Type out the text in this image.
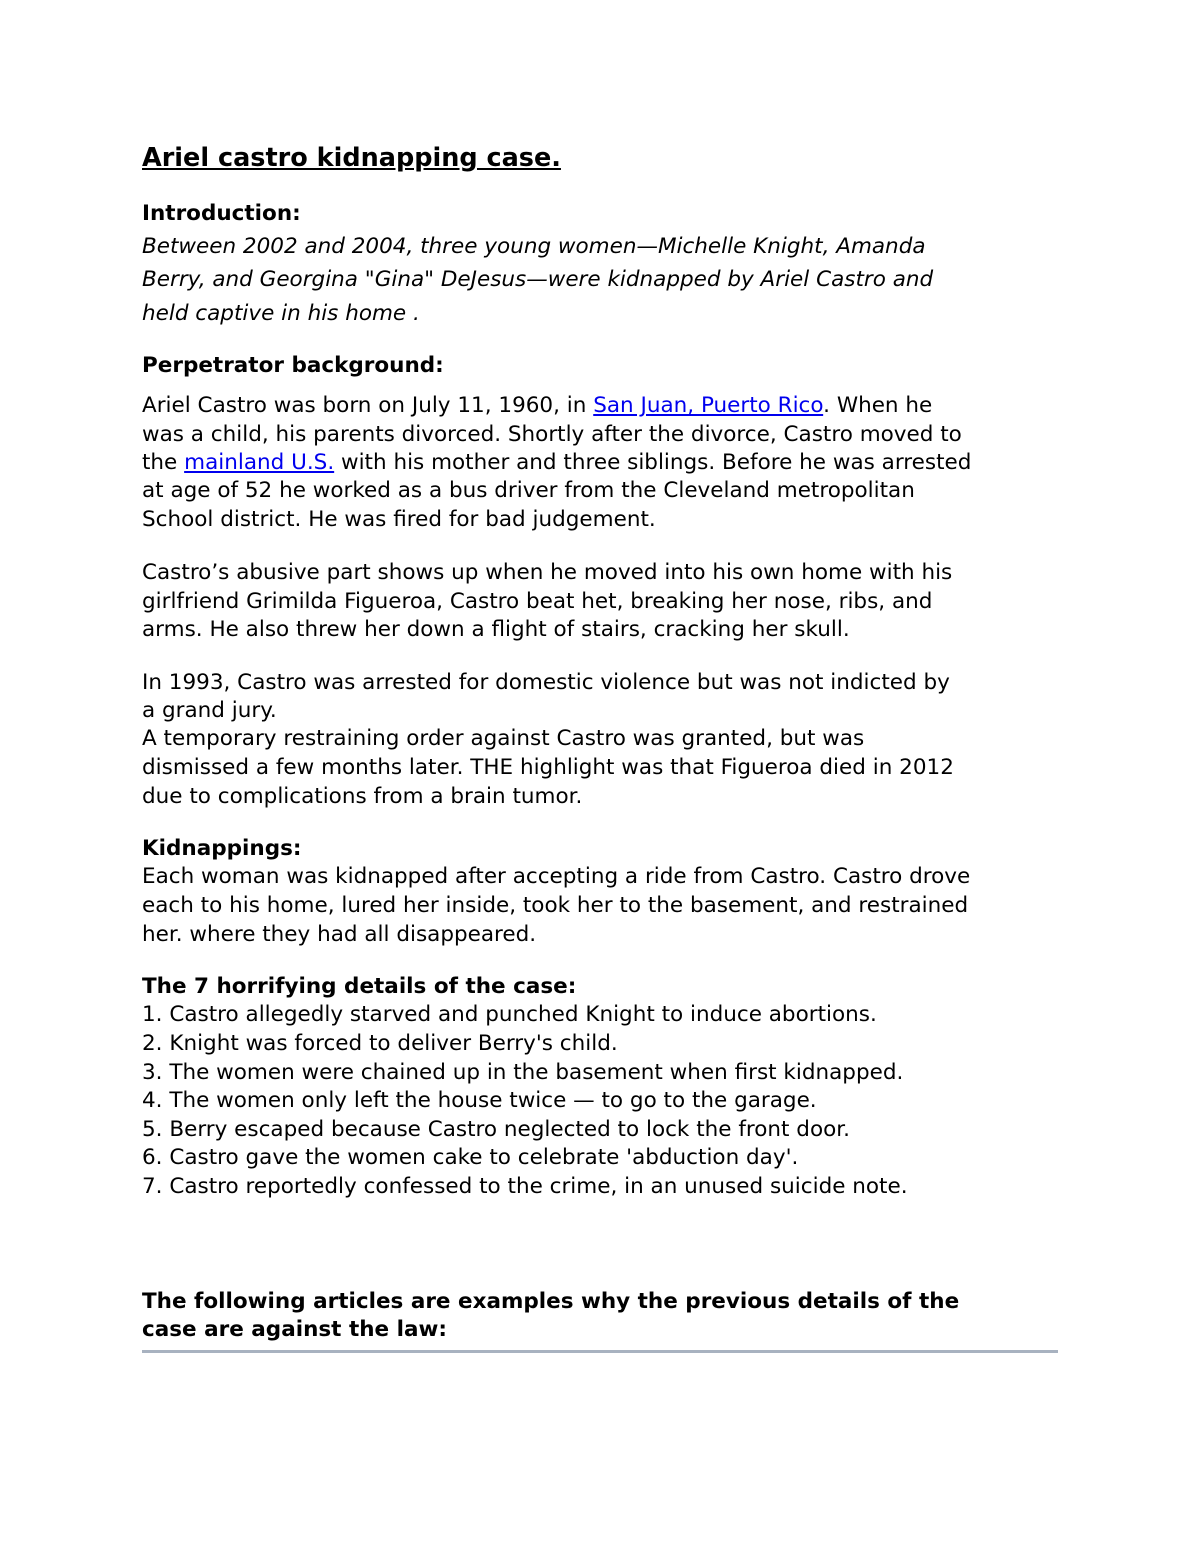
Ariel castro kidnapping case.

Introduction:

Between 2002 and 2004, three young women—Michelle Knight, Amanda

Berry, and Georgina "Gina" DeJesus—were kidnapped by Ariel Castro and

held captive in his home .

Perpetrator background:

Ariel Castro was born on July 11, 1960, in San Juan, Puerto Rico. When he

was a child, his parents divorced. Shortly after the divorce, Castro moved to

the mainland U.S. with his mother and three siblings. Before he was arrested

at age of 52 he worked as a bus driver from the Cleveland metropolitan

School district. He was fired for bad judgement.

Castro’s abusive part shows up when he moved into his own home with his

girlfriend Grimilda Figueroa, Castro beat het, breaking her nose, ribs, and

arms. He also threw her down a flight of stairs, cracking her skull.

In 1993, Castro was arrested for domestic violence but was not indicted by

a grand jury.

A temporary restraining order against Castro was granted, but was

dismissed a few months later. THE highlight was that Figueroa died in 2012

due to complications from a brain tumor.

Kidnappings:

Each woman was kidnapped after accepting a ride from Castro. Castro drove

each to his home, lured her inside, took her to the basement, and restrained

her. where they had all disappeared.

The 7 horrifying details of the case:

1. Castro allegedly starved and punched Knight to induce abortions.

2. Knight was forced to deliver Berry's child.

3. The women were chained up in the basement when first kidnapped.

4. The women only left the house twice — to go to the garage.

5. Berry escaped because Castro neglected to lock the front door.

6. Castro gave the women cake to celebrate 'abduction day'.

7. Castro reportedly confessed to the crime, in an unused suicide note.

The following articles are examples why the previous details of the

case are against the law:
